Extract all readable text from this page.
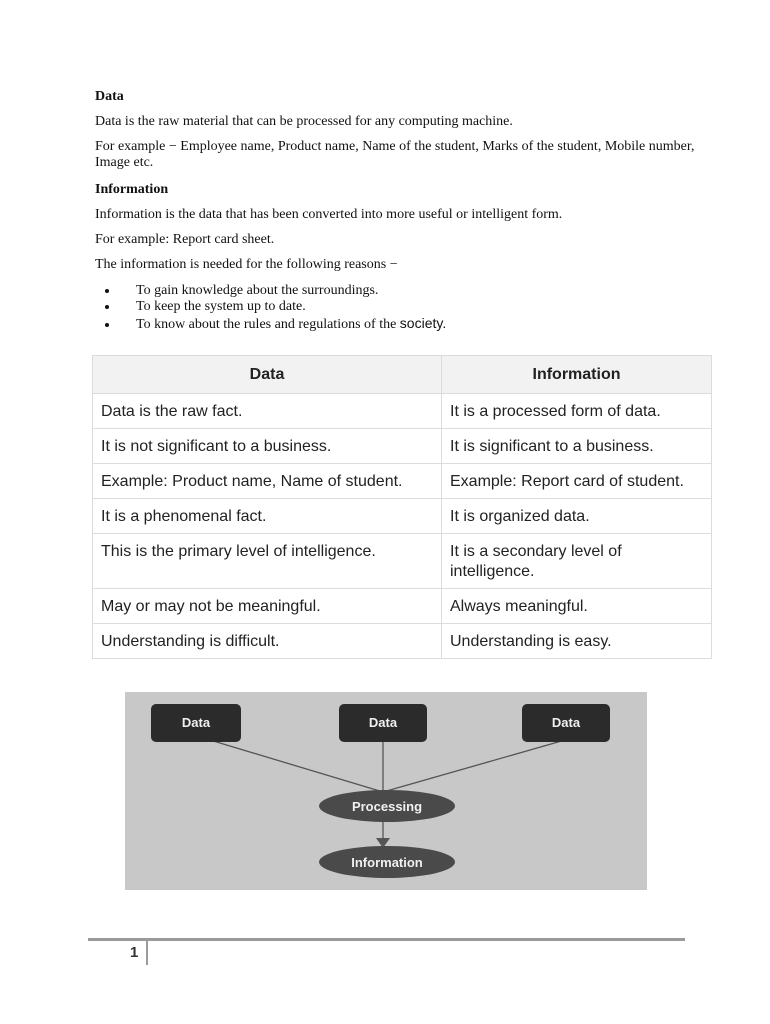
Data

Data is the raw material that can be processed for any computing machine.

For example − Employee name, Product name, Name of the student, Marks of the student, Mobile number, Image etc.

Information

Information is the data that has been converted into more useful or intelligent form.

For example: Report card sheet.

The information is needed for the following reasons −

• To gain knowledge about the surroundings.
• To keep the system up to date.
• To know about the rules and regulations of the society.
Data	Information
Data is the raw fact.	It is a processed form of data.
It is not significant to a business.	It is significant to a business.
Example: Product name, Name of student.	Example: Report card of student.
It is a phenomenal fact.	It is organized data.
This is the primary level of intelligence.	It is a secondary level of intelligence.
May or may not be meaningful.	Always meaningful.
Understanding is difficult.	Understanding is easy.
Data	Data	Data
Processing
Information
1
